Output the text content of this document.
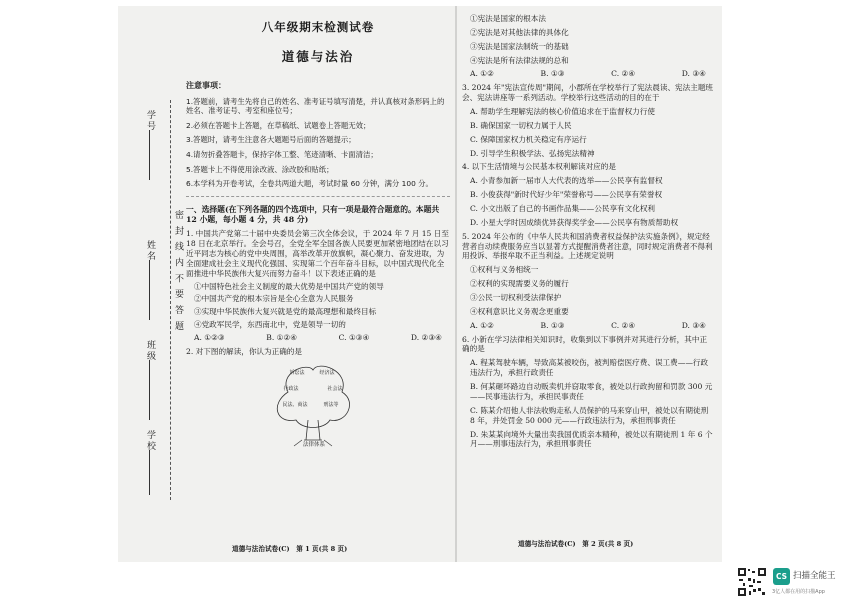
密 封 线 内 不 要 答 题
学号
姓名
班级
学校
八年级期末检测试卷
道德与法治
注意事项：
1.答题前，请考生先将自己的姓名、准考证号填写清楚，并认真核对条形码上的姓名、准考证号、考室和座位号；
2.必须在答题卡上答题，在草稿纸、试题卷上答题无效；
3.答题时，请考生注意各大题题号后面的答题提示；
4.请勿折叠答题卡，保持字体工整、笔迹清晰、卡面清洁；
5.答题卡上不得使用涂改液、涂改胶和贴纸；
6.本学科为开卷考试，全卷共两道大题，考试时量 60 分钟，满分 100 分。
一、选择题(在下列各题的四个选项中，只有一项是最符合题意的。本题共 12 小题，每小题 4 分，共 48 分)
1. 中国共产党第二十届中央委员会第三次全体会议，于 2024 年 7 月 15 日至 18 日在北京举行。全会号召，全党全军全国各族人民要更加紧密地团结在以习近平同志为核心的党中央周围，高举改革开放旗帜，凝心聚力、奋发进取，为全面建成社会主义现代化强国、实现第二个百年奋斗目标，以中国式现代化全面推进中华民族伟大复兴而努力奋斗！以下表述正确的是
①中国特色社会主义制度的最大优势是中国共产党的领导
②中国共产党的根本宗旨是全心全意为人民服务
③实现中华民族伟大复兴就是党的最高理想和最终目标
④党政军民学，东西南北中，党是领导一切的
A. ①②③	B. ①②④	C. ①③④	D. ②③④
2. 对下图的解读，你认为正确的是
诉讼法	经济法
行政法	社会法
民法、商法	刑法等
法律体系
道德与法治试卷(C)　第 1 页(共 8 页)
①宪法是国家的根本法
②宪法是对其他法律的具体化
③宪法是国家法制统一的基础
④宪法是所有法律法规的总和
A. ①②	B. ①③	C. ②④	D. ③④
3. 2024 年"宪法宣传周"期间，小郡所在学校举行了宪法晨读、宪法主题班会、宪法讲座等一系列活动。学校举行这些活动的目的在于
A. 帮助学生理解宪法的核心价值追求在于监督权力行使
B. 确保国家一切权力属于人民
C. 保障国家权力机关稳定有序运行
D. 引导学生积极学法、弘扬宪法精神
4. 以下生活情境与公民基本权利解读对应的是
A. 小青参加新一届市人大代表的选举——公民享有监督权
B. 小俊获得"新时代好少年"荣誉称号——公民享有荣誉权
C. 小文出版了自己的书画作品集——公民享有文化权利
D. 小星大学时因成绩优异获得奖学金——公民享有物质帮助权
5. 2024 年公布的《中华人民共和国消费者权益保护法实施条例》，规定经营者自动续费服务应当以显著方式提醒消费者注意，同时规定消费者不得利用投诉、举报牟取不正当利益。上述规定说明
①权利与义务相统一
②权利的实现需要义务的履行
③公民一切权利受法律保护
④权利意识比义务观念更重要
A. ①②	B. ①③	C. ②④	D. ③④
6. 小新在学习法律相关知识时，收集到以下事例并对其进行分析，其中正确的是
A. 程某驾驶车辆，导致高某被咬伤，被判赔偿医疗费、误工费——行政违法行为，承担行政责任
B. 何某砸坏路边自动贩卖机并窃取零食，被处以行政拘留和罚款 300 元——民事违法行为，承担民事责任
C. 陈某介绍他人非法收购走私人员保护的马来穿山甲，被处以有期徒刑 8 年，并处罚金 50 000 元——行政违法行为，承担刑事责任
D. 朱某某向境外大量出卖我国优质亲本精种，被处以有期徒刑 1 年 6 个月——刑事违法行为，承担刑事责任
道德与法治试卷(C)　第 2 页(共 8 页)
CS 扫描全能王
3亿人都在用的扫描App
